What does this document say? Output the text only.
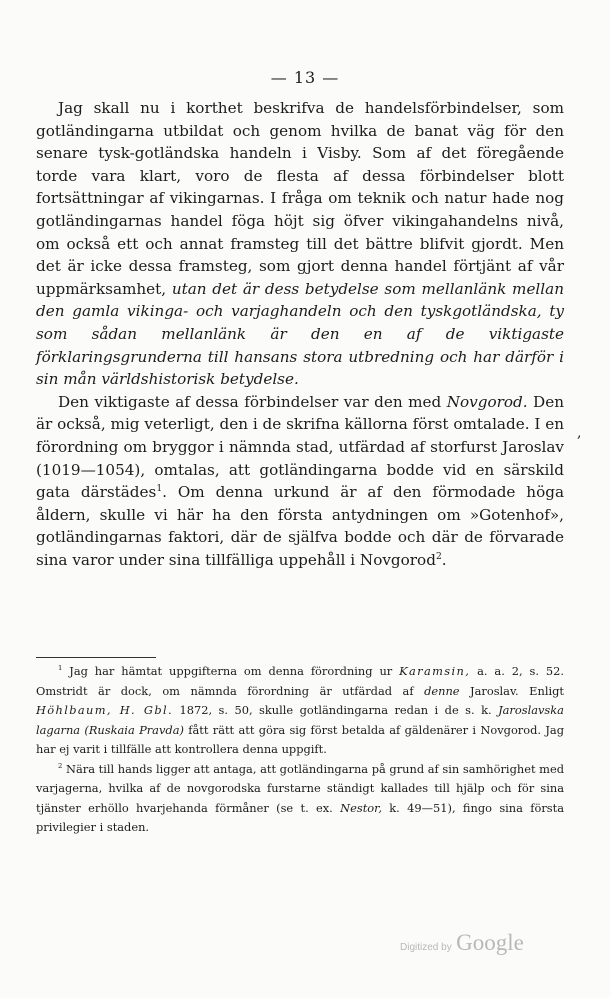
— 13 —

Jag skall nu i korthet beskrifva de handelsförbindelser, som gotländingarna utbildat och genom hvilka de banat väg för den senare tysk-gotländska handeln i Visby. Som af det föregående torde vara klart, voro de flesta af dessa förbindelser blott fortsättningar af vikingarnas. I fråga om teknik och natur hade nog gotländingarnas handel föga höjt sig öfver vikingahandelns nivå, om också ett och annat framsteg till det bättre blifvit gjordt. Men det är icke dessa framsteg, som gjort denna handel förtjänt af vår uppmärksamhet, utan det är dess betydelse som mellanlänk mellan den gamla vikinga- och varjaghandeln och den tyskgotländska, ty som sådan mellanlänk är den en af de viktigaste förklaringsgrunderna till hansans stora utbredning och har därför i sin mån världshistorisk betydelse.

Den viktigaste af dessa förbindelser var den med Novgorod. Den är också, mig veterligt, den i de skrifna källorna först omtalade. I en förordning om bryggor i nämnda stad, utfärdad af storfurst Jaroslav (1019—1054), omtalas, att gotländingarna bodde vid en särskild gata därstädes$^1$. Om denna urkund är af den förmodade höga åldern, skulle vi här ha den första antydningen om »Gotenhof», gotländingarnas faktori, där de själfva bodde och där de förvarade sina varor under sina tillfälliga uppehåll i Novgorod$^2$.

,

$^1$ Jag har hämtat uppgifterna om denna förordning ur Karamsin, a. a. 2, s. 52. Omstridt är dock, om nämnda förordning är utfärdad af denne Jaroslav. Enligt Höhlbaum, H. Gbl. 1872, s. 50, skulle gotländingarna redan i de s. k. Jaroslavska lagarna (Ruskaia Pravda) fått rätt att göra sig först betalda af gäldenärer i Novgorod. Jag har ej varit i tillfälle att kontrollera denna uppgift.

$^2$ Nära till hands ligger att antaga, att gotländingarna på grund af sin samhörighet med varjagerna, hvilka af de novgorodska furstarne ständigt kallades till hjälp och för sina tjänster erhöllo hvarjehanda förmåner (se t. ex. Nestor, k. 49—51), fingo sina första privilegier i staden.

Digitized by Google
